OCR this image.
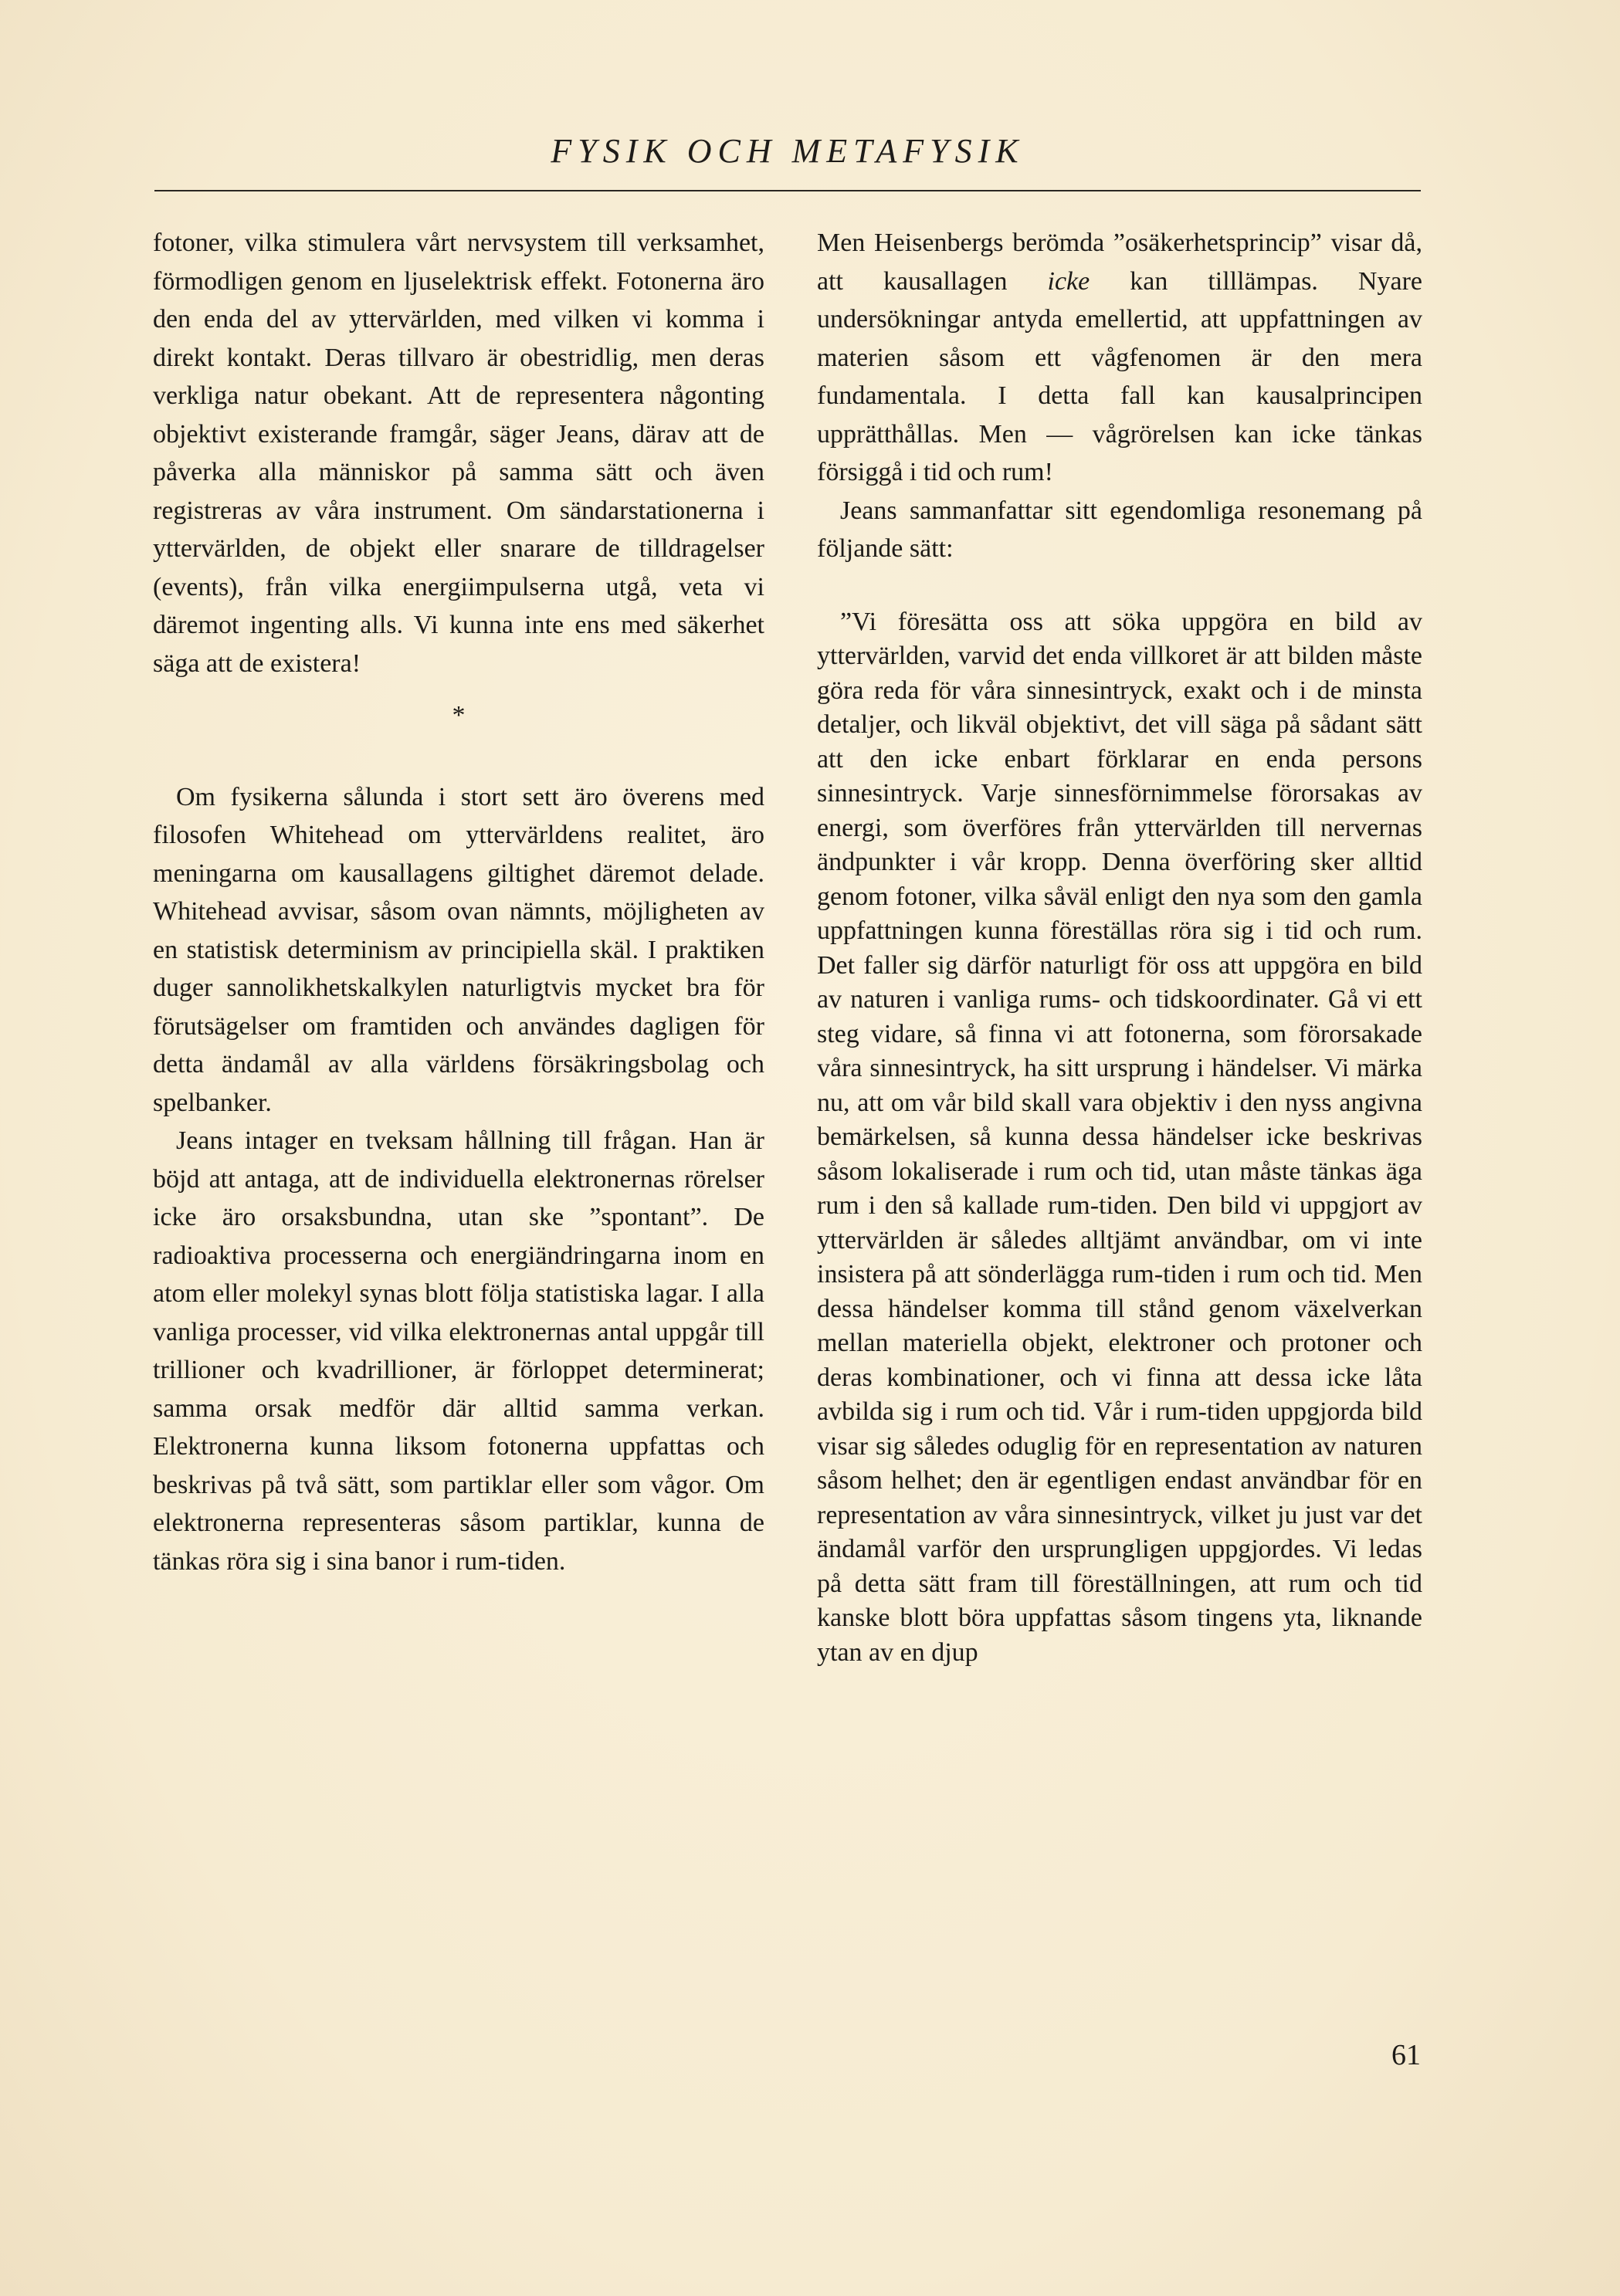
FYSIK OCH METAFYSIK

fotoner, vilka stimulera vårt nervsystem till verksamhet, förmodligen genom en ljuselektrisk effekt. Fotonerna äro den enda del av yttervärlden, med vilken vi komma i direkt kontakt. Deras tillvaro är obestridlig, men deras verkliga natur obekant. Att de representera någonting objektivt existerande framgår, säger Jeans, därav att de påverka alla människor på samma sätt och även registreras av våra instrument. Om sändarstationerna i yttervärlden, de objekt eller snarare de tilldragelser (events), från vilka energiimpulserna utgå, veta vi däremot ingenting alls. Vi kunna inte ens med säkerhet säga att de existera!

*

Om fysikerna sålunda i stort sett äro överens med filosofen Whitehead om yttervärldens realitet, äro meningarna om kausallagens giltighet däremot delade. Whitehead avvisar, såsom ovan nämnts, möjligheten av en statistisk determinism av principiella skäl. I praktiken duger sannolikhetskalkylen naturligtvis mycket bra för förutsägelser om framtiden och användes dagligen för detta ändamål av alla världens försäkringsbolag och spelbanker.

Jeans intager en tveksam hållning till frågan. Han är böjd att antaga, att de individuella elektronernas rörelser icke äro orsaksbundna, utan ske ”spontant”. De radioaktiva processerna och energiändringarna inom en atom eller molekyl synas blott följa statistiska lagar. I alla vanliga processer, vid vilka elektronernas antal uppgår till trillioner och kvadrillioner, är förloppet determinerat; samma orsak medför där alltid samma verkan. Elektronerna kunna liksom fotonerna uppfattas och beskrivas på två sätt, som partiklar eller som vågor. Om elektronerna representeras såsom partiklar, kunna de tänkas röra sig i sina banor i rum-tiden.

Men Heisenbergs berömda ”osäkerhetsprincip” visar då, att kausallagen icke kan tilllämpas. Nyare undersökningar antyda emellertid, att uppfattningen av materien såsom ett vågfenomen är den mera fundamentala. I detta fall kan kausalprincipen upprätthållas. Men — vågrörelsen kan icke tänkas försiggå i tid och rum!

Jeans sammanfattar sitt egendomliga resonemang på följande sätt:

”Vi föresätta oss att söka uppgöra en bild av yttervärlden, varvid det enda villkoret är att bilden måste göra reda för våra sinnesintryck, exakt och i de minsta detaljer, och likväl objektivt, det vill säga på sådant sätt att den icke enbart förklarar en enda persons sinnesintryck. Varje sinnesförnimmelse förorsakas av energi, som överföres från yttervärlden till nervernas ändpunkter i vår kropp. Denna överföring sker alltid genom fotoner, vilka såväl enligt den nya som den gamla uppfattningen kunna föreställas röra sig i tid och rum. Det faller sig därför naturligt för oss att uppgöra en bild av naturen i vanliga rums- och tidskoordinater. Gå vi ett steg vidare, så finna vi att fotonerna, som förorsakade våra sinnesintryck, ha sitt ursprung i händelser. Vi märka nu, att om vår bild skall vara objektiv i den nyss angivna bemärkelsen, så kunna dessa händelser icke beskrivas såsom lokaliserade i rum och tid, utan måste tänkas äga rum i den så kallade rum-tiden. Den bild vi uppgjort av yttervärlden är således alltjämt användbar, om vi inte insistera på att sönderlägga rum-tiden i rum och tid. Men dessa händelser komma till stånd genom växelverkan mellan materiella objekt, elektroner och protoner och deras kombinationer, och vi finna att dessa icke låta avbilda sig i rum och tid. Vår i rum-tiden uppgjorda bild visar sig således oduglig för en representation av naturen såsom helhet; den är egentligen endast användbar för en representation av våra sinnesintryck, vilket ju just var det ändamål varför den ursprungligen uppgjordes. Vi ledas på detta sätt fram till föreställningen, att rum och tid kanske blott böra uppfattas såsom tingens yta, liknande ytan av en djup

61
